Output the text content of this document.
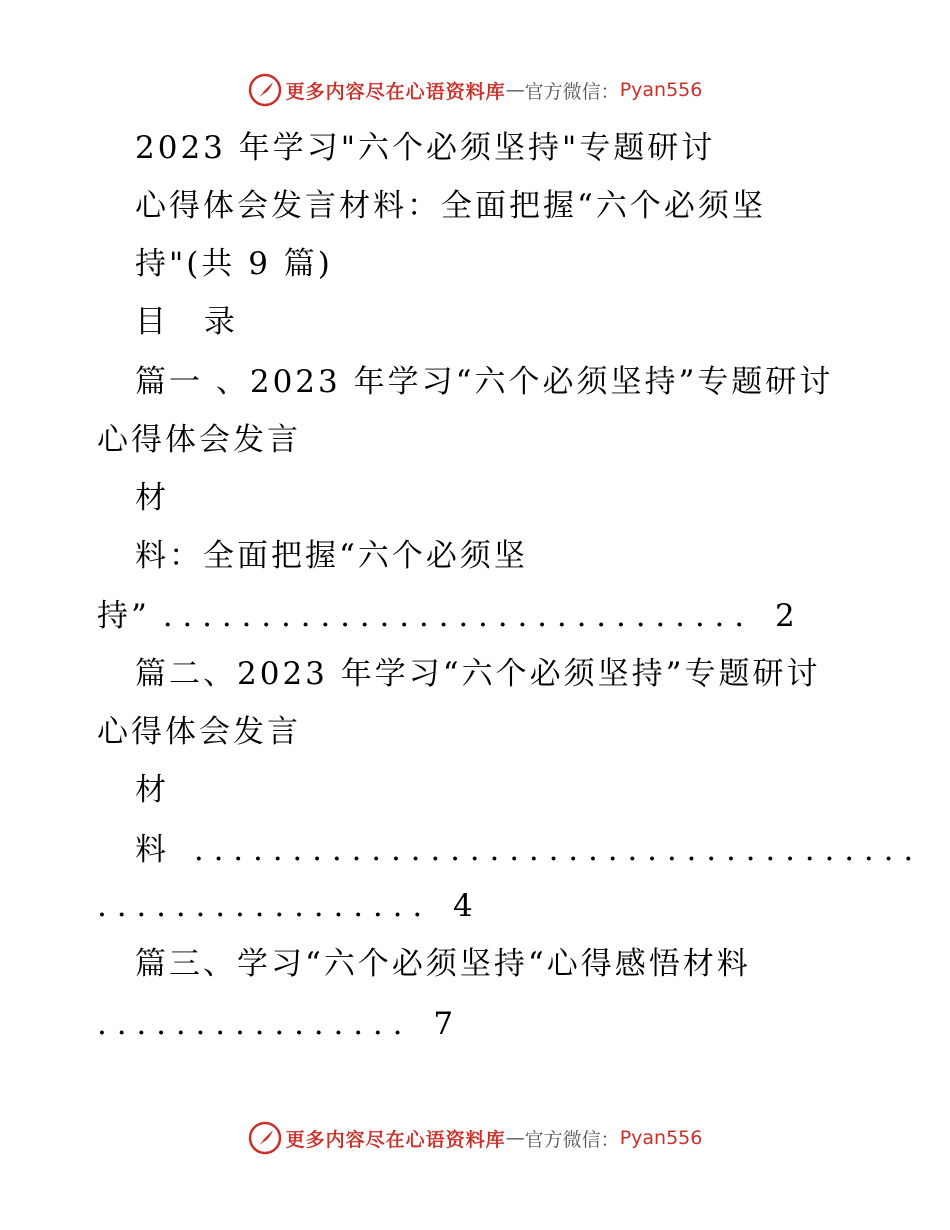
更多内容尽在心语资料库 — 官方微信： Pyan556
2023 年学习"六个必须坚持"专题研讨
心得体会发言材料：全面把握“六个必须坚
持"(共 9 篇)
目 录
篇一 、2023 年学习“六个必须坚持”专题研讨
心得体会发言
材
料：全面把握“六个必须坚
持” . . . . . . . . . . . . . . . . . . . . . . . . . . . . . . 2
篇二、2023 年学习“六个必须坚持”专题研讨
心得体会发言
材
料 . . . . . . . . . . . . . . . . . . . . . . . . . . . . . . . . . . . . .
. . . . . . . . . . . . . . . . . 4
篇三、学习“六个必须坚持“心得感悟材料
. . . . . . . . . . . . . . . . 7
更多内容尽在心语资料库 — 官方微信： Pyan556
